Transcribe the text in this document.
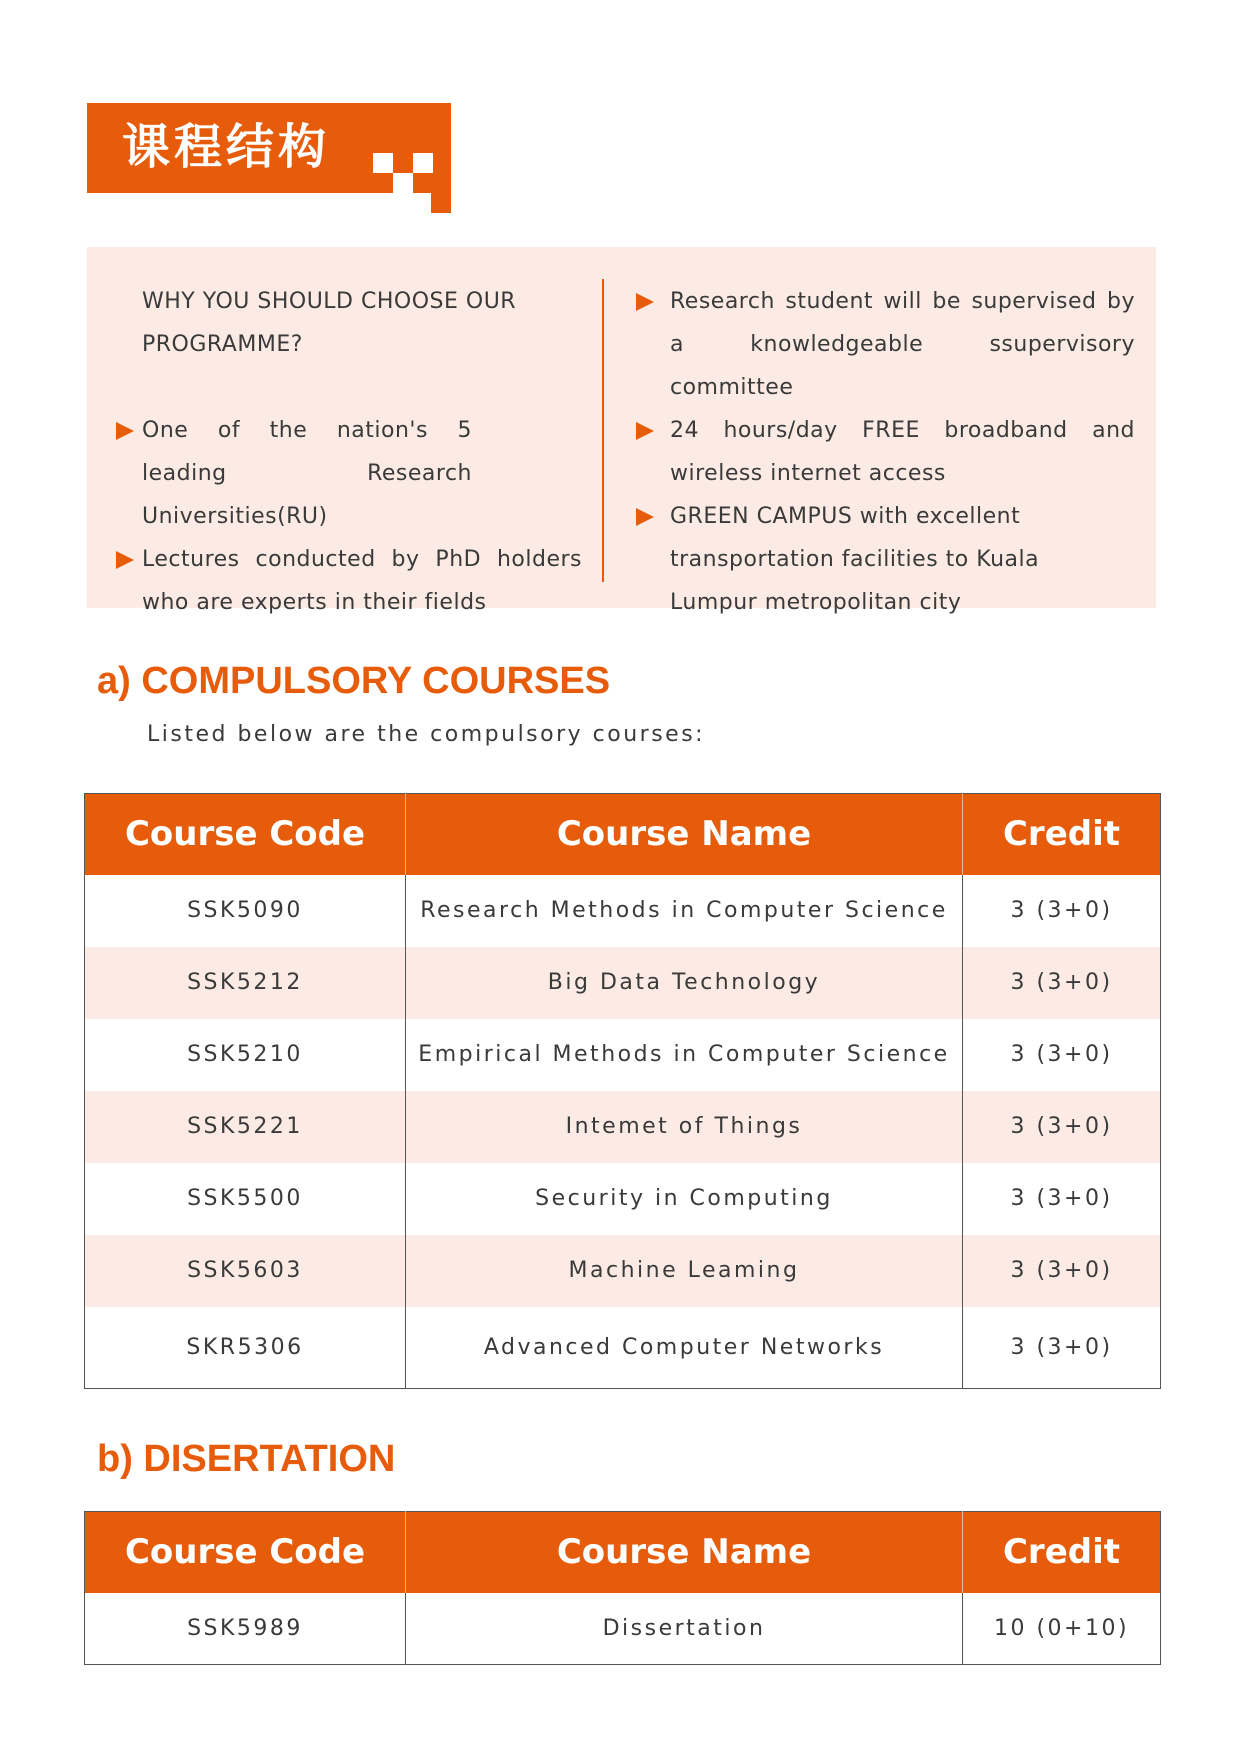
课程结构
WHY YOU SHOULD CHOOSE OUR PROGRAMME?
One of the nation's 5 leading Research Universities(RU)
Lectures conducted by PhD holders who are experts in their fields
Research student will be supervised by a knowledgeable ssupervisory committee
24 hours/day FREE broadband and wireless internet access
GREEN CAMPUS with excellent transportation facilities to Kuala Lumpur metropolitan city
a) COMPULSORY COURSES
Listed below are the compulsory courses:
Course Code	Course Name	Credit
SSK5090	Research Methods in Computer Science	3 (3+0)
SSK5212	Big Data Technology	3 (3+0)
SSK5210	Empirical Methods in Computer Science	3 (3+0)
SSK5221	Intemet of Things	3 (3+0)
SSK5500	Security in Computing	3 (3+0)
SSK5603	Machine Leaming	3 (3+0)
SKR5306	Advanced Computer Networks	3 (3+0)
b) DISERTATION
Course Code	Course Name	Credit
SSK5989	Dissertation	10 (0+10)
